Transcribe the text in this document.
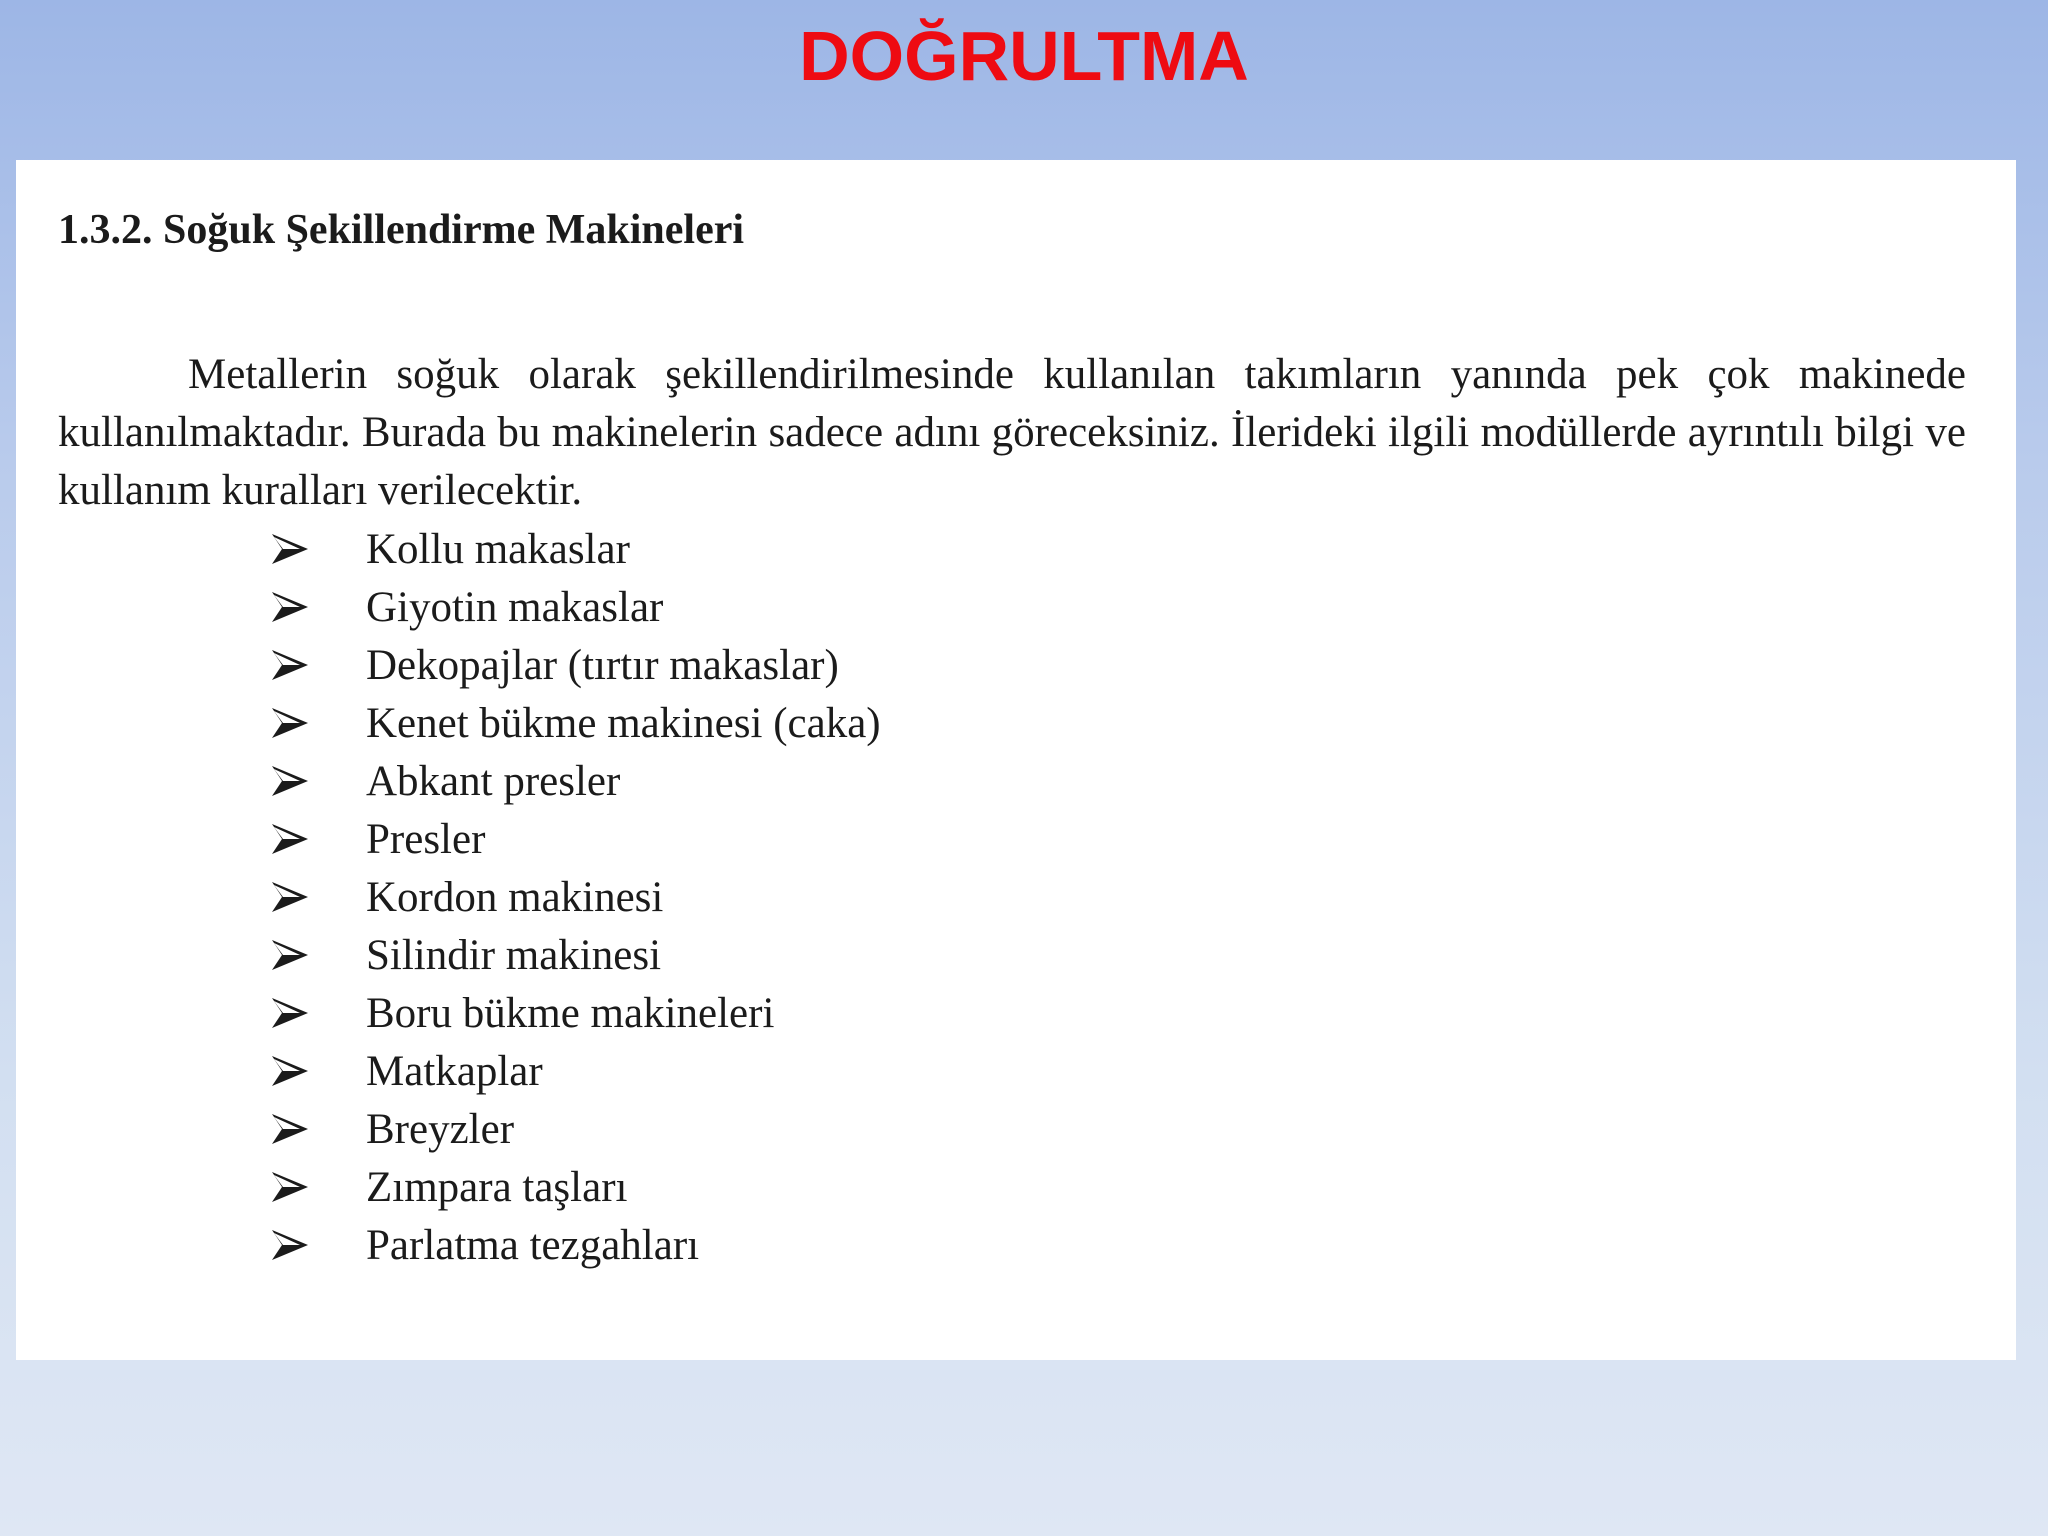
DOĞRULTMA
1.3.2. Soğuk Şekillendirme Makineleri

Metallerin soğuk olarak şekillendirilmesinde kullanılan takımların yanında pek çok makinede kullanılmaktadır. Burada bu makinelerin sadece adını göreceksiniz. İlerideki ilgili modüllerde ayrıntılı bilgi ve kullanım kuralları verilecektir.

Kollu makaslar
Giyotin makaslar
Dekopajlar (tırtır makaslar)
Kenet bükme makinesi (caka)
Abkant presler
Presler
Kordon makinesi
Silindir makinesi
Boru bükme makineleri
Matkaplar
Breyzler
Zımpara taşları
Parlatma tezgahları
